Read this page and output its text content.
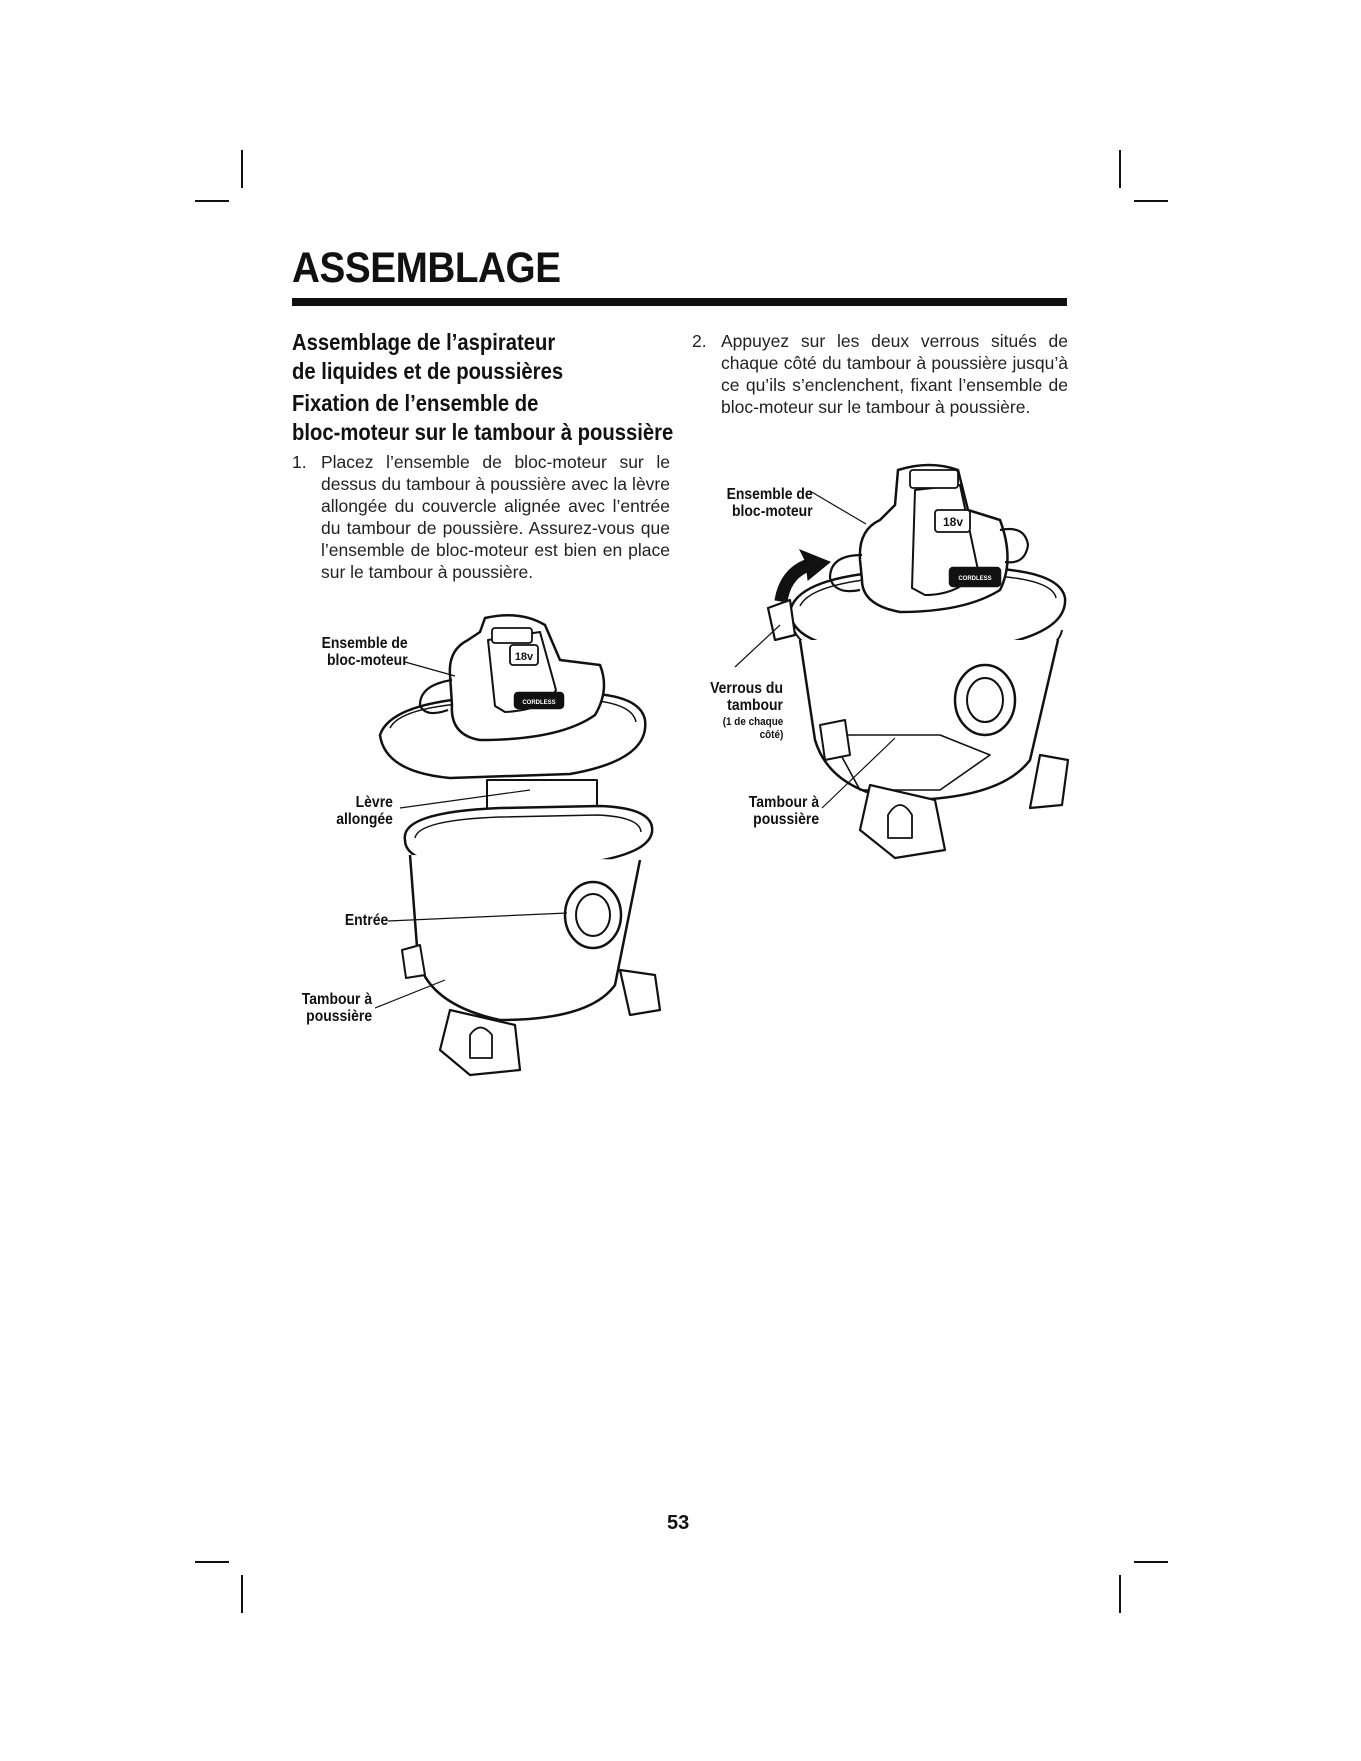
ASSEMBLAGE
Assemblage de l’aspirateur
de liquides et de poussières
Fixation de l’ensemble de
bloc-moteur sur le tambour à poussière
1. Placez l’ensemble de bloc-moteur sur le
dessus du tambour à poussière avec la lèvre
allongée du couvercle alignée avec l’entrée
du tambour de poussière. Assurez-vous que
l’ensemble de bloc-moteur est bien en place
sur le tambour à poussière.
2. Appuyez sur les deux verrous situés de
chaque côté du tambour à poussière jusqu’à
ce qu’ils s’enclenchent, fixant l’ensemble de
bloc-moteur sur le tambour à poussière.
18v
CORDLESS
Ensemble de
bloc-moteur
Lèvre
allongée
Entrée
Tambour à
poussière
18v
CORDLESS
Ensemble de
bloc-moteur
Verrous du
tambour
(1 de chaque
côté)
Tambour à
poussière
53
